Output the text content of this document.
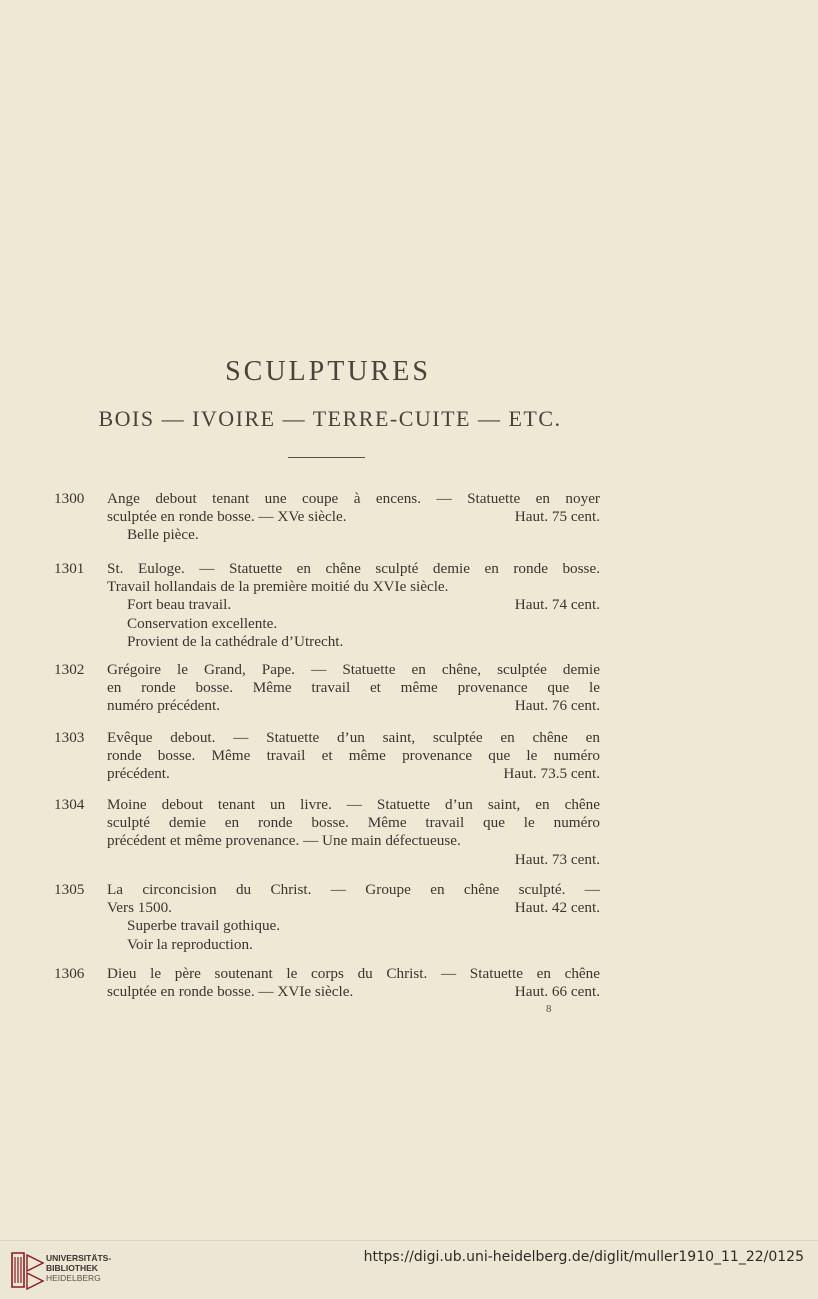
SCULPTURES
BOIS — IVOIRE — TERRE-CUITE — ETC.
1300	Ange debout tenant une coupe à encens. — Statuette en noyer
sculptée en ronde bosse. — XVe siècle.	Haut. 75 cent.
Belle pièce.
1301	St. Euloge. — Statuette en chêne sculpté demie en ronde bosse.
Travail hollandais de la première moitié du XVIe siècle.
Fort beau travail.	Haut. 74 cent.
Conservation excellente.
Provient de la cathédrale d’Utrecht.
1302	Grégoire le Grand, Pape. — Statuette en chêne, sculptée demie
en ronde bosse. Même travail et même provenance que le
numéro précédent.	Haut. 76 cent.
1303	Evêque debout. — Statuette d’un saint, sculptée en chêne en
ronde bosse. Même travail et même provenance que le numéro
précédent.	Haut. 73.5 cent.
1304	Moine debout tenant un livre. — Statuette d’un saint, en chêne
sculpté demie en ronde bosse. Même travail que le numéro
précédent et même provenance. — Une main défectueuse.
Haut. 73 cent.
1305	La circoncision du Christ. — Groupe en chêne sculpté. —
Vers 1500.	Haut. 42 cent.
Superbe travail gothique.
Voir la reproduction.
1306	Dieu le père soutenant le corps du Christ. — Statuette en chêne
sculptée en ronde bosse. — XVIe siècle.	Haut. 66 cent.
8
UNIVERSITÄTS-
BIBLIOTHEK
HEIDELBERG
https://digi.ub.uni-heidelberg.de/diglit/muller1910_11_22/0125
